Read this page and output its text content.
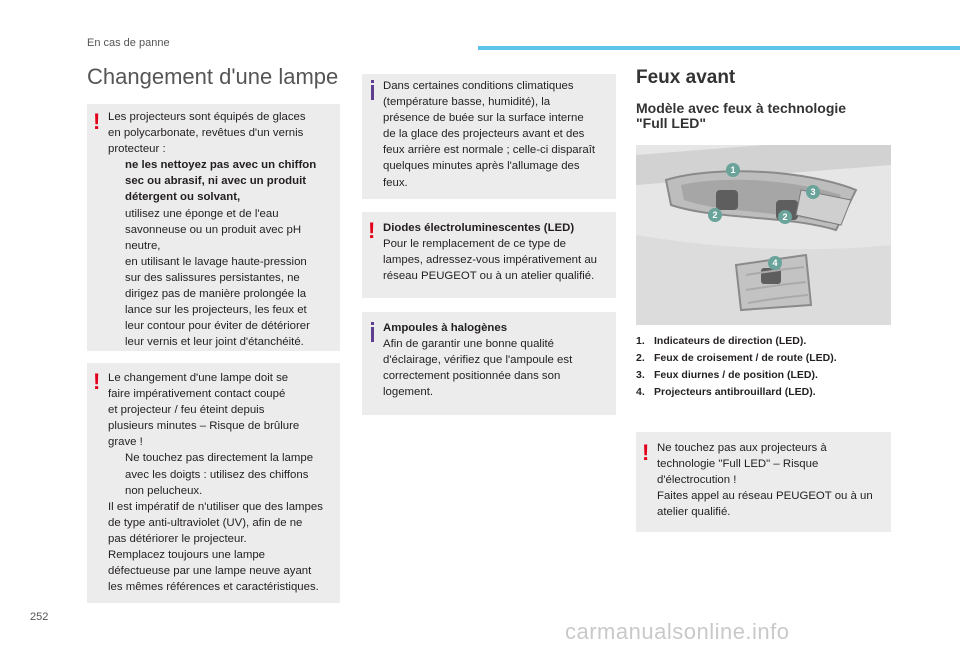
En cas de panne
Changement d'une lampe
! Les projecteurs sont équipés de glaces
en polycarbonate, revêtues d'un vernis
protecteur :
ne les nettoyez pas avec un chiffon
sec ou abrasif, ni avec un produit
détergent ou solvant,
utilisez une éponge et de l'eau
savonneuse ou un produit avec pH
neutre,
en utilisant le lavage haute-pression
sur des salissures persistantes, ne
dirigez pas de manière prolongée la
lance sur les projecteurs, les feux et
leur contour pour éviter de détériorer
leur vernis et leur joint d'étanchéité.
! Le changement d'une lampe doit se
faire impérativement contact coupé
et projecteur / feu éteint depuis
plusieurs minutes – Risque de brûlure
grave !
Ne touchez pas directement la lampe
avec les doigts : utilisez des chiffons
non pelucheux.
Il est impératif de n'utiliser que des lampes
de type anti-ultraviolet (UV), afin de ne
pas détériorer le projecteur.
Remplacez toujours une lampe
défectueuse par une lampe neuve ayant
les mêmes références et caractéristiques.
Dans certaines conditions climatiques
(température basse, humidité), la
présence de buée sur la surface interne
de la glace des projecteurs avant et des
feux arrière est normale ; celle-ci disparaît
quelques minutes après l'allumage des
feux.
! Diodes électroluminescentes (LED)
Pour le remplacement de ce type de
lampes, adressez-vous impérativement au
réseau PEUGEOT ou à un atelier qualifié.
Ampoules à halogènes
Afin de garantir une bonne qualité
d'éclairage, vérifiez que l'ampoule est
correctement positionnée dans son
logement.
Feux avant
Modèle avec feux à technologie
"Full LED"
1
2
3
2
4
1. Indicateurs de direction (LED).
2. Feux de croisement / de route (LED).
3. Feux diurnes / de position (LED).
4. Projecteurs antibrouillard (LED).
! Ne touchez pas aux projecteurs à
technologie "Full LED" – Risque
d'électrocution !
Faites appel au réseau PEUGEOT ou à un
atelier qualifié.
252
carmanualsonline.info
